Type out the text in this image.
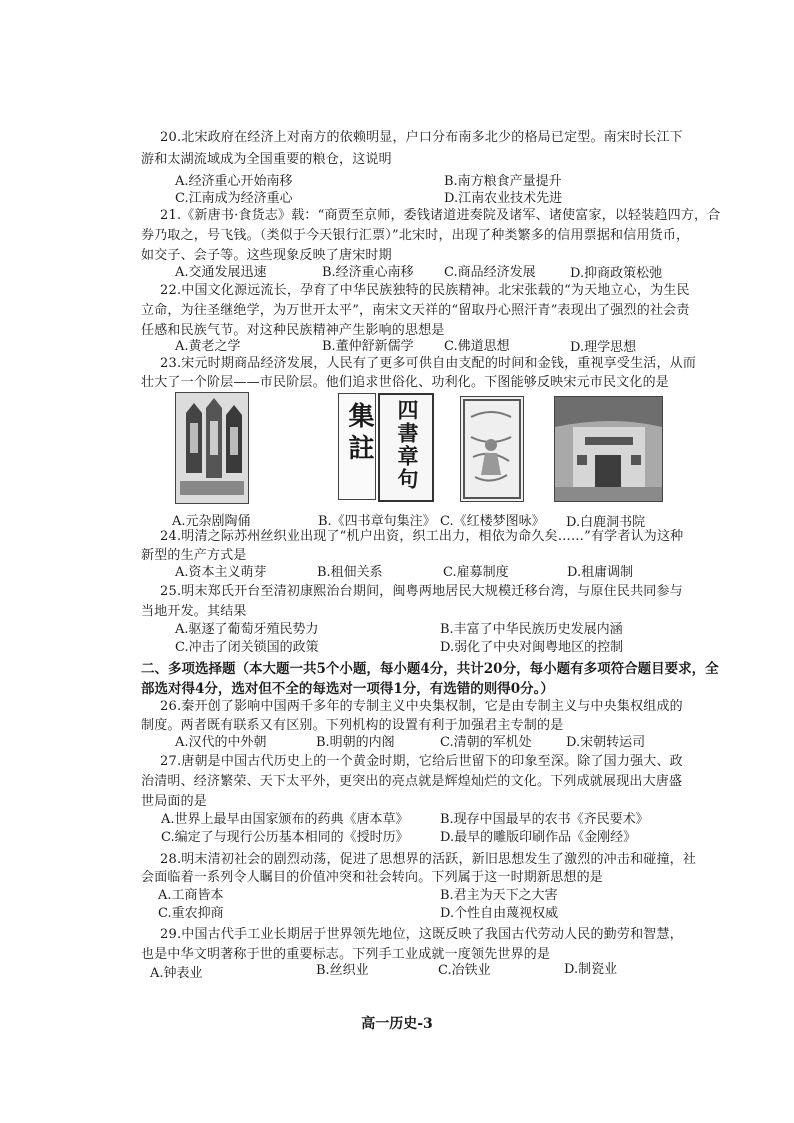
20.北宋政府在经济上对南方的依赖明显，户口分布南多北少的格局已定型。南宋时长江下
游和太湖流域成为全国重要的粮仓，这说明
A.经济重心开始南移	B.南方粮食产量提升
C.江南成为经济重心	D.江南农业技术先进
21.《新唐书·食货志》载：“商贾至京师，委钱诸道进奏院及诸军、诸使富家，以轻装趋四方，合
券乃取之，号飞钱。（类似于今天银行汇票）”北宋时，出现了种类繁多的信用票据和信用货币，
如交子、会子等。这些现象反映了唐宋时期
A.交通发展迅速	B.经济重心南移 C.商品经济发展	D.抑商政策松弛
22.中国文化源远流长，孕育了中华民族独特的民族精神。北宋张载的“为天地立心，为生民
立命，为往圣继绝学，为万世开太平”，南宋文天祥的“留取丹心照汗青”表现出了强烈的社会责
任感和民族气节。对这种民族精神产生影响的思想是
A.黄老之学	B.董仲舒新儒学 C.佛道思想	D.理学思想
23.宋元时期商品经济发展，人民有了更多可供自由支配的时间和金钱，重视享受生活，从而
壮大了一个阶层——市民阶层。他们追求世俗化、功利化。下图能够反映宋元市民文化的是
集註 四書章句
A.元杂剧陶俑	B.《四书章句集注》 C.《红楼梦图咏》 D.白鹿洞书院
24.明清之际苏州丝织业出现了“机户出资，织工出力，相依为命久矣……”有学者认为这种
新型的生产方式是
A.资本主义萌芽	B.租佃关系	C.雇募制度	D.租庸调制
25.明末郑氏开台至清初康熙治台期间，闽粤两地居民大规模迁移台湾，与原住民共同参与
当地开发。其结果
A.驱逐了葡萄牙殖民势力	B.丰富了中华民族历史发展内涵
C.冲击了闭关锁国的政策	D.弱化了中央对闽粤地区的控制
二、多项选择题（本大题一共5个小题，每小题4分，共计20分，每小题有多项符合题目要求，全
部选对得4分，选对但不全的每选对一项得1分，有选错的则得0分。）
26.秦开创了影响中国两千多年的专制主义中央集权制，它是由专制主义与中央集权组成的
制度。两者既有联系又有区别。下列机构的设置有利于加强君主专制的是
A.汉代的中外朝	B.明朝的内阁	C.清朝的军机处	D.宋朝转运司
27.唐朝是中国古代历史上的一个黄金时期，它给后世留下的印象至深。除了国力强大、政
治清明、经济繁荣、天下太平外，更突出的亮点就是辉煌灿烂的文化。下列成就展现出大唐盛
世局面的是
A.世界上最早由国家颁布的药典《唐本草》 B.现存中国最早的农书《齐民要术》
C.编定了与现行公历基本相同的《授时历》 D.最早的雕版印刷作品《金刚经》
28.明末清初社会的剧烈动荡，促进了思想界的活跃，新旧思想发生了激烈的冲击和碰撞，社
会面临着一系列令人瞩目的价值冲突和社会转向。下列属于这一时期新思想的是
A.工商皆本	B.君主为天下之大害
C.重农抑商	D.个性自由蔑视权威
29.中国古代手工业长期居于世界领先地位，这既反映了我国古代劳动人民的勤劳和智慧，
也是中华文明著称于世的重要标志。下列手工业成就一度领先世界的是
A.钟表业	B.丝织业	C.冶铁业	D.制瓷业
高一历史-3
